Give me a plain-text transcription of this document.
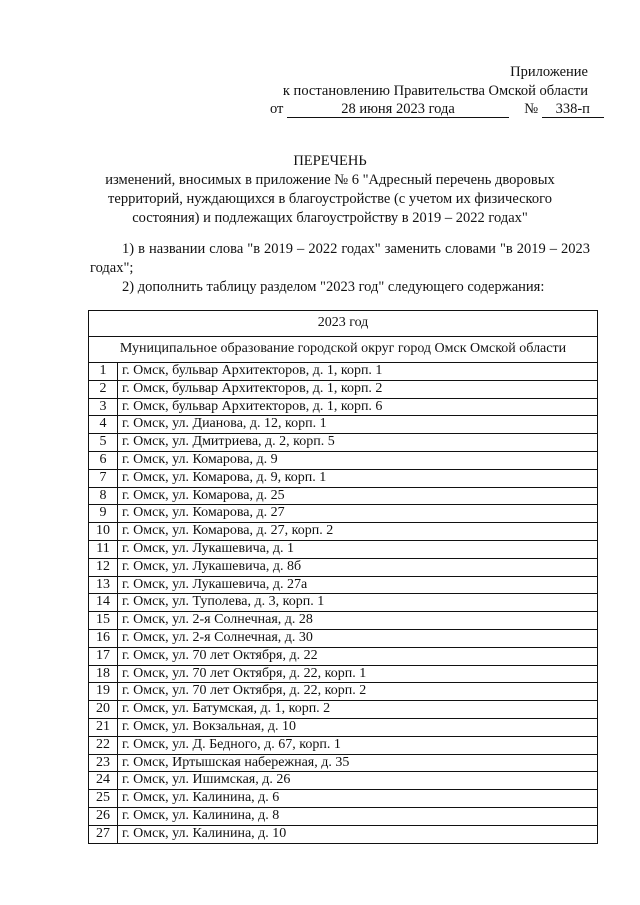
Приложение
к постановлению Правительства Омской области
от	28 июня 2023 года	№ 338-п
ПЕРЕЧЕНЬ
изменений, вносимых в приложение № 6 "Адресный перечень дворовых территорий, нуждающихся в благоустройстве (с учетом их физического состояния) и подлежащих благоустройству в 2019 – 2022 годах"
1) в названии слова "в 2019 – 2022 годах" заменить словами "в 2019 – 2023 годах";
2) дополнить таблицу разделом "2023 год" следующего содержания:
2023 год	
Муниципальное образование городской округ город Омск Омской области	
1	г. Омск, бульвар Архитекторов, д. 1, корп. 1
2	г. Омск, бульвар Архитекторов, д. 1, корп. 2
3	г. Омск, бульвар Архитекторов, д. 1, корп. 6
4	г. Омск, ул. Дианова, д. 12, корп. 1
5	г. Омск, ул. Дмитриева, д. 2, корп. 5
6	г. Омск, ул. Комарова, д. 9
7	г. Омск, ул. Комарова, д. 9, корп. 1
8	г. Омск, ул. Комарова, д. 25
9	г. Омск, ул. Комарова, д. 27
10	г. Омск, ул. Комарова, д. 27, корп. 2
11	г. Омск, ул. Лукашевича, д. 1
12	г. Омск, ул. Лукашевича, д. 8б
13	г. Омск, ул. Лукашевича, д. 27а
14	г. Омск, ул. Туполева, д. 3, корп. 1
15	г. Омск, ул. 2-я Солнечная, д. 28
16	г. Омск, ул. 2-я Солнечная, д. 30
17	г. Омск, ул. 70 лет Октября, д. 22
18	г. Омск, ул. 70 лет Октября, д. 22, корп. 1
19	г. Омск, ул. 70 лет Октября, д. 22, корп. 2
20	г. Омск, ул. Батумская, д. 1, корп. 2
21	г. Омск, ул. Вокзальная, д. 10
22	г. Омск, ул. Д. Бедного, д. 67, корп. 1
23	г. Омск, Иртышская набережная, д. 35
24	г. Омск, ул. Ишимская, д. 26
25	г. Омск, ул. Калинина, д. 6
26	г. Омск, ул. Калинина, д. 8
27	г. Омск, ул. Калинина, д. 10
